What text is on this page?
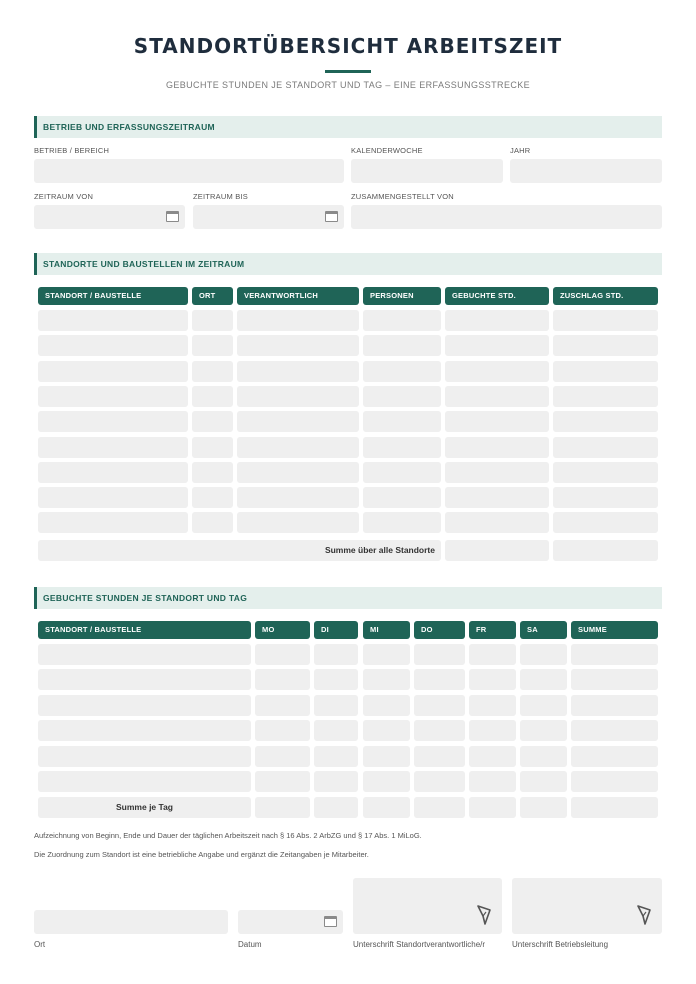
STANDORTÜBERSICHT ARBEITSZEIT
GEBUCHTE STUNDEN JE STANDORT UND TAG – EINE ERFASSUNGSSTRECKE
BETRIEB UND ERFASSUNGSZEITRAUM
BETRIEB / BEREICH	KALENDERWOCHE	JAHR
ZEITRAUM VON	ZEITRAUM BIS	ZUSAMMENGESTELLT VON
STANDORTE UND BAUSTELLEN IM ZEITRAUM
STANDORT / BAUSTELLE	ORT	VERANTWORTLICH	PERSONEN	GEBUCHTE STD.	ZUSCHLAG STD.
Summe über alle Standorte
GEBUCHTE STUNDEN JE STANDORT UND TAG
STANDORT / BAUSTELLE	MO	DI	MI	DO	FR	SA	SUMME
Summe je Tag
Aufzeichnung von Beginn, Ende und Dauer der täglichen Arbeitszeit nach § 16 Abs. 2 ArbZG und § 17 Abs. 1 MiLoG.
Die Zuordnung zum Standort ist eine betriebliche Angabe und ergänzt die Zeitangaben je Mitarbeiter.
Ort	Datum	Unterschrift Standortverantwortliche/r	Unterschrift Betriebsleitung
